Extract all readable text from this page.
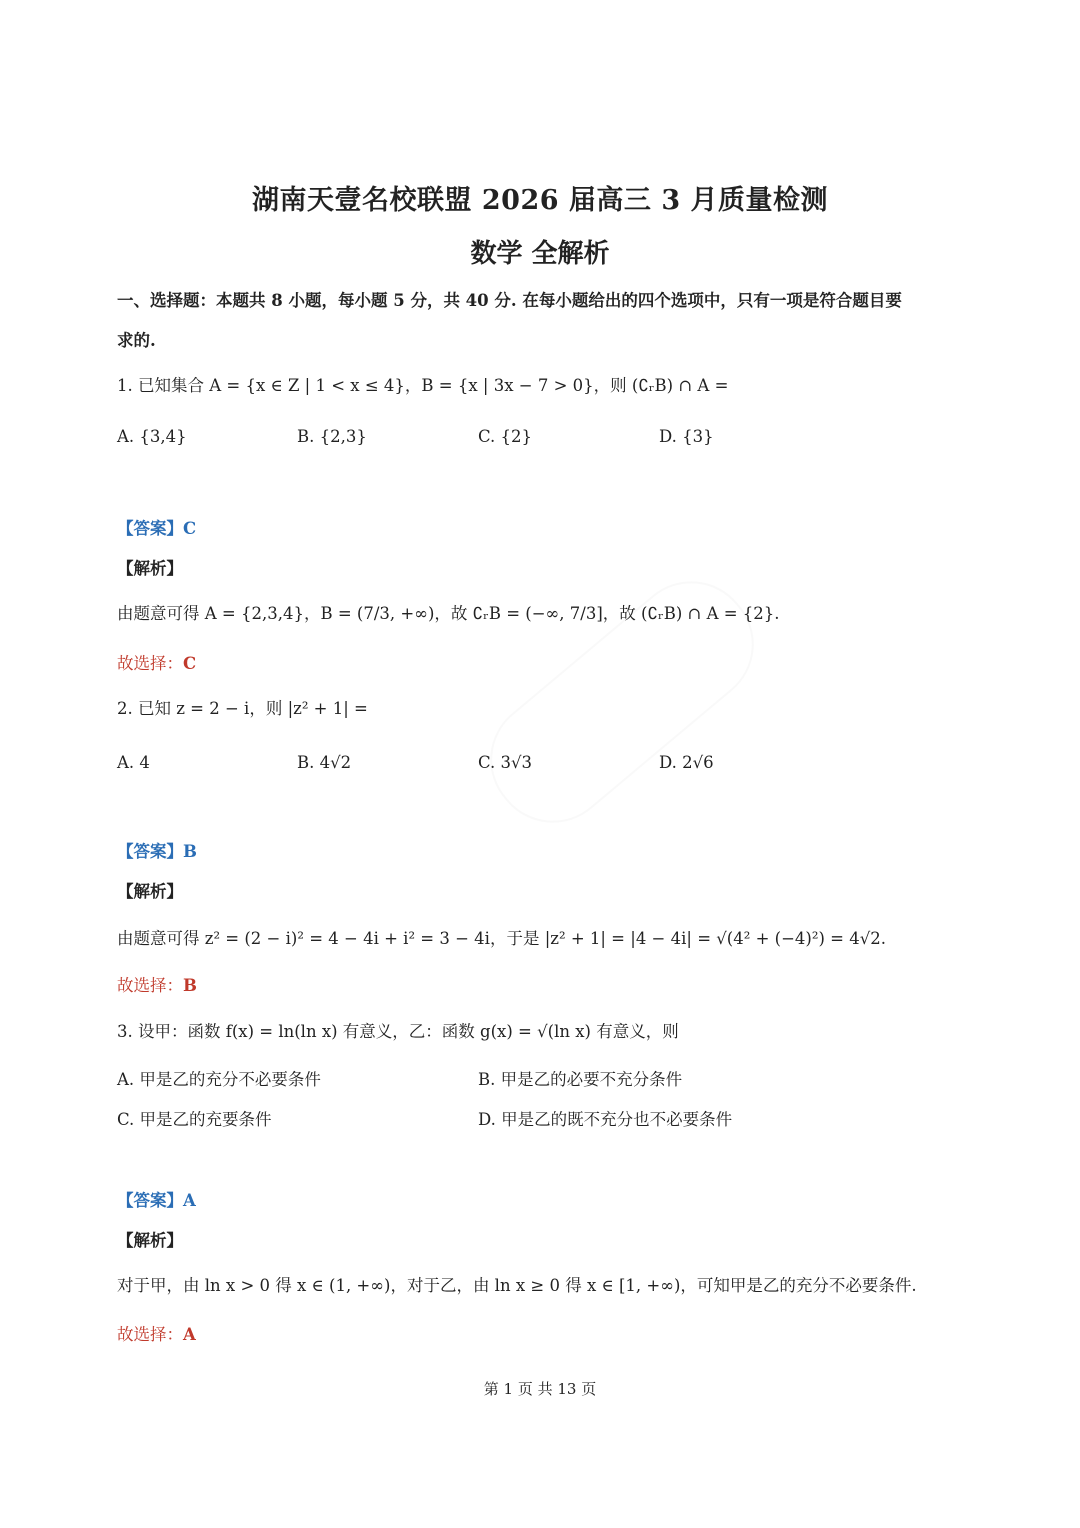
湖南天壹名校联盟 2026 届高三 3 月质量检测
数学 全解析
一、选择题：本题共 8 小题，每小题 5 分，共 40 分. 在每小题给出的四个选项中，只有一项是符合题目要
求的.
1. 已知集合 A = {x ∈ Z | 1 < x ≤ 4}，B = {x | 3x − 7 > 0}，则 (∁ᵣB) ∩ A =
A. {3,4}	B. {2,3}	C. {2}	D. {3}
【答案】C
【解析】
由题意可得 A = {2,3,4}，B = (7/3, +∞)，故 ∁ᵣB = (−∞, 7/3]，故 (∁ᵣB) ∩ A = {2}.
故选择：C
2. 已知 z = 2 − i，则 |z² + 1| =
A. 4	B. 4√2	C. 3√3	D. 2√6
【答案】B
【解析】
由题意可得 z² = (2 − i)² = 4 − 4i + i² = 3 − 4i，于是 |z² + 1| = |4 − 4i| = √(4² + (−4)²) = 4√2.
故选择：B
3. 设甲：函数 f(x) = ln(ln x) 有意义，乙：函数 g(x) = √(ln x) 有意义，则
A. 甲是乙的充分不必要条件	B. 甲是乙的必要不充分条件
C. 甲是乙的充要条件	D. 甲是乙的既不充分也不必要条件
【答案】A
【解析】
对于甲，由 ln x > 0 得 x ∈ (1, +∞)，对于乙，由 ln x ≥ 0 得 x ∈ [1, +∞)，可知甲是乙的充分不必要条件.
故选择：A
第 1 页 共 13 页
